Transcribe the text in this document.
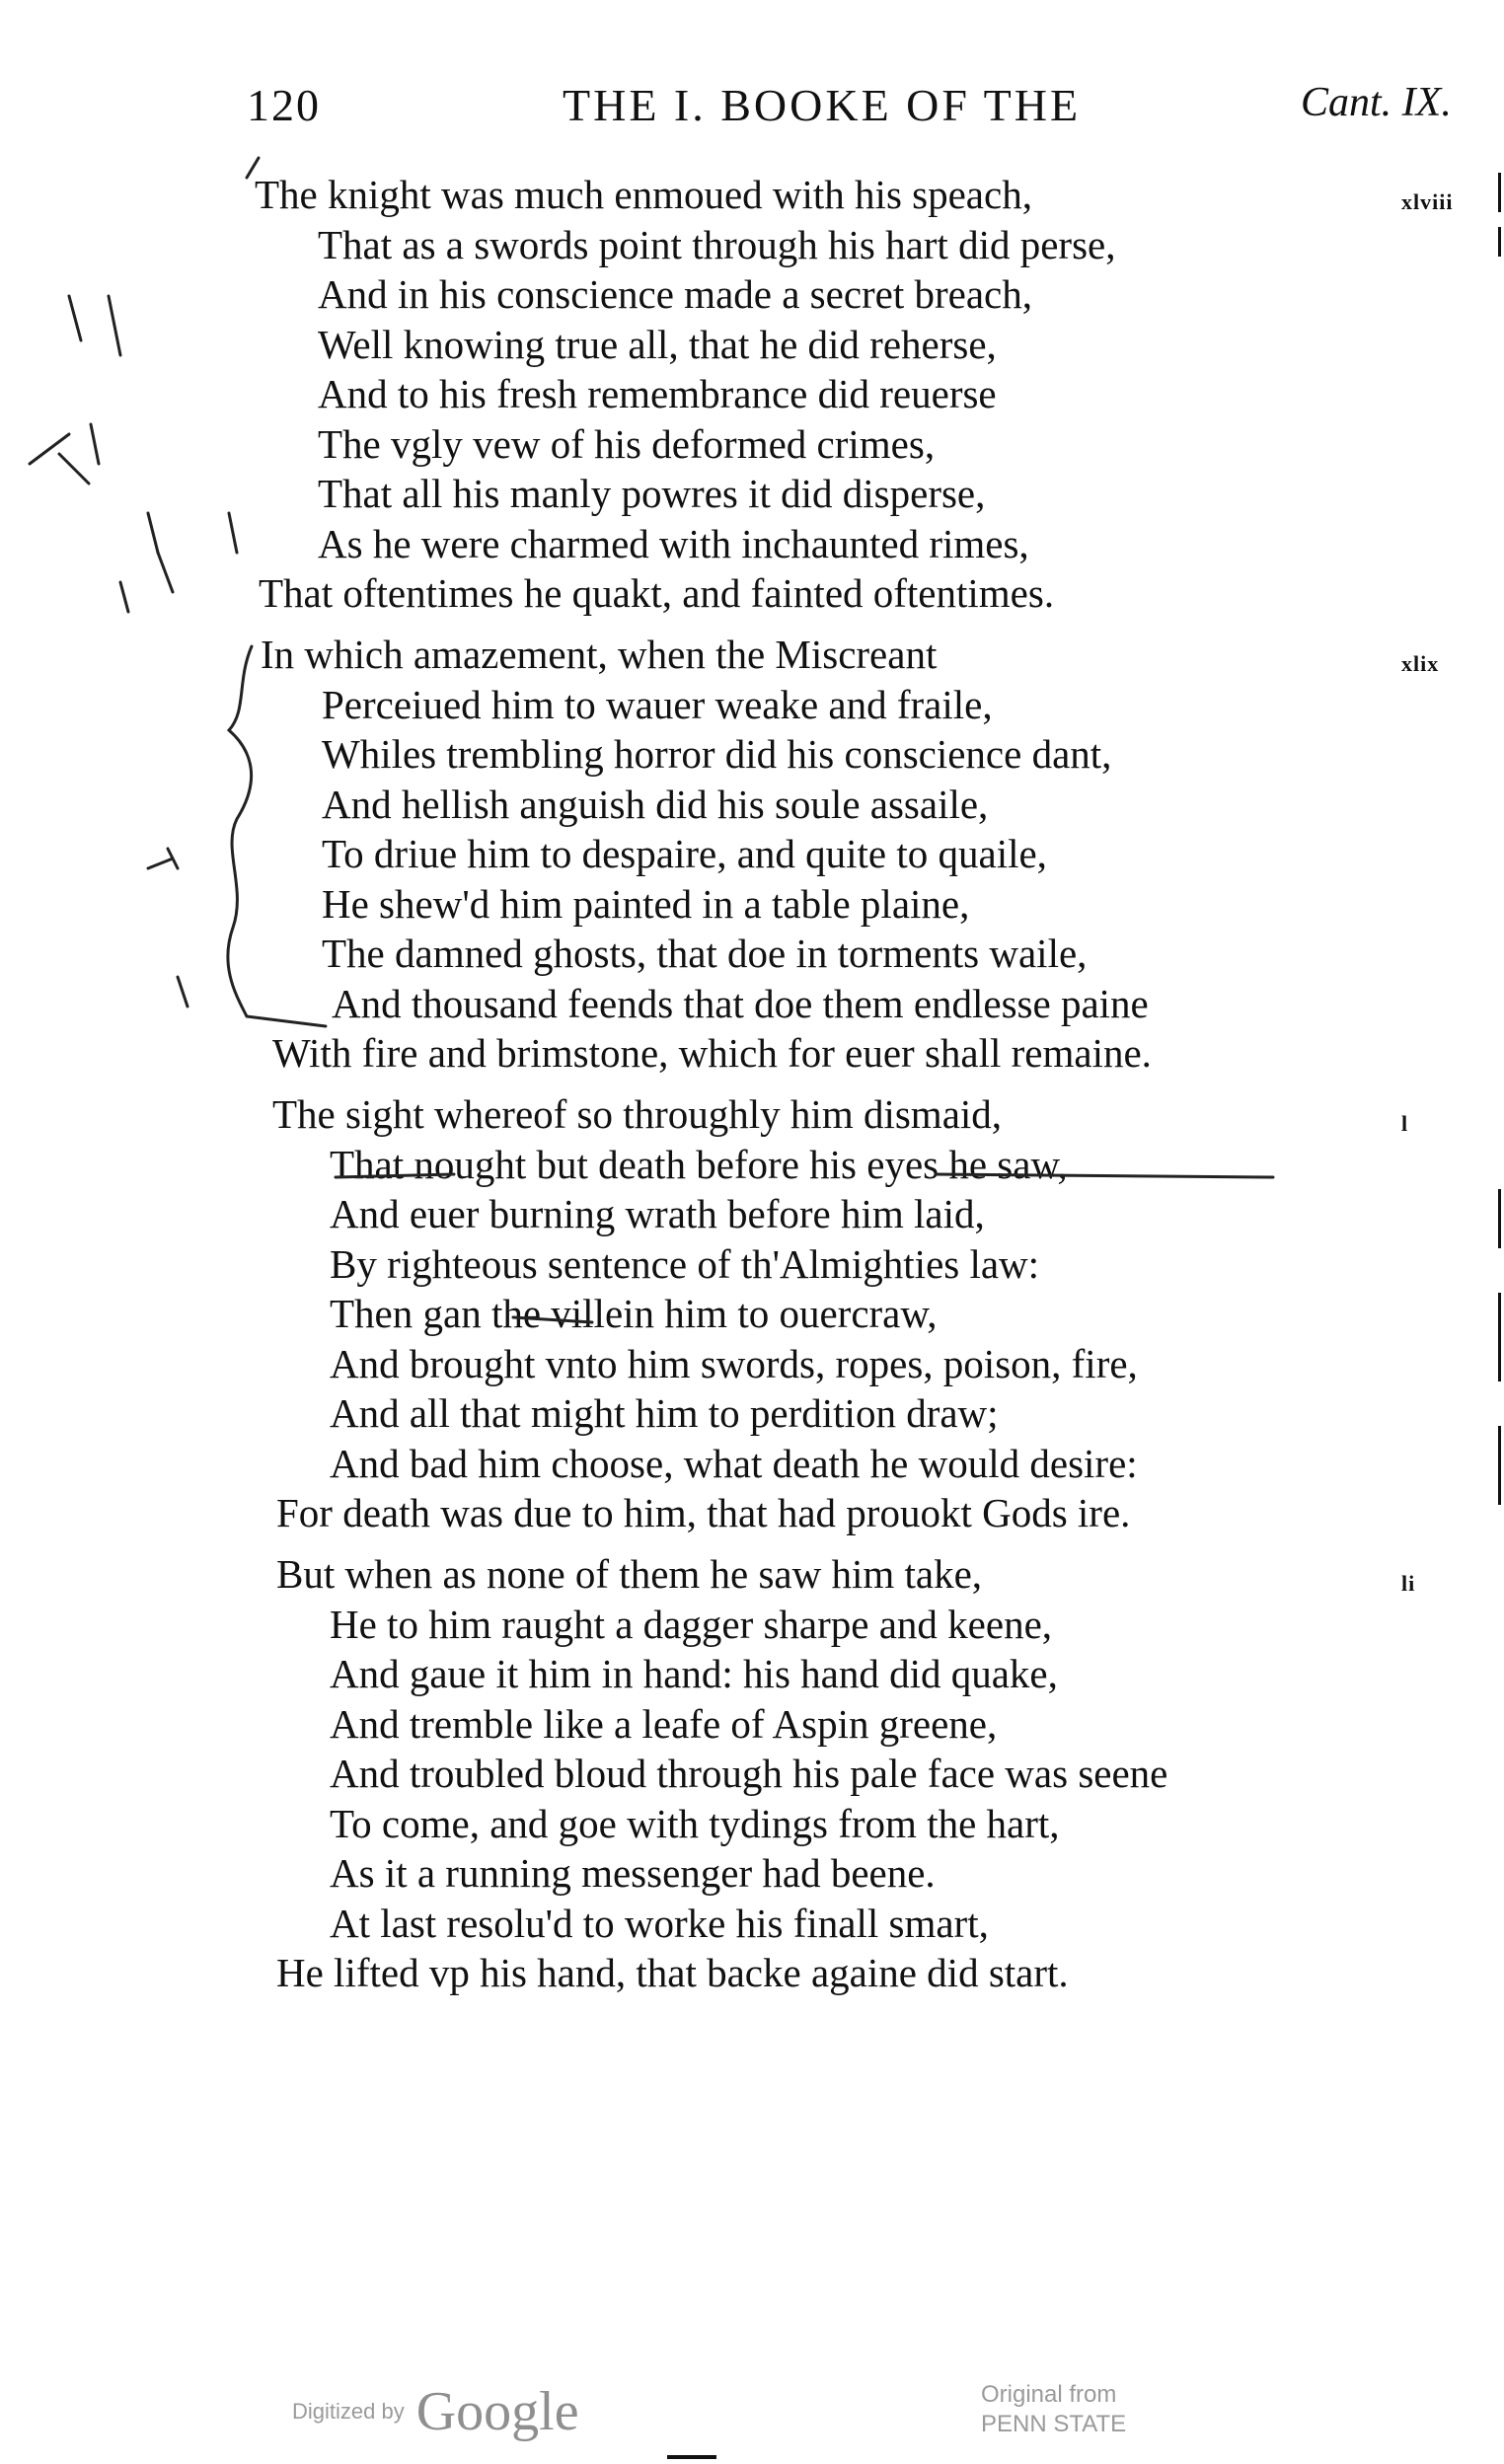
120	THE I. BOOKE OF THE	Cant. IX.
xlviii
The knight was much enmoued with his speach,
That as a swords point through his hart did perse,
And in his conscience made a secret breach,
Well knowing true all, that he did reherse,
And to his fresh remembrance did reuerse
The vgly vew of his deformed crimes,
That all his manly powres it did disperse,
As he were charmed with inchaunted rimes,
That oftentimes he quakt, and fainted oftentimes.
xlix
In which amazement, when the Miscreant
Perceiued him to wauer weake and fraile,
Whiles trembling horror did his conscience dant,
And hellish anguish did his soule assaile,
To driue him to despaire, and quite to quaile,
He shew'd him painted in a table plaine,
The damned ghosts, that doe in torments waile,
And thousand feends that doe them endlesse paine
With fire and brimstone, which for euer shall remaine.
l
The sight whereof so throughly him dismaid,
That nought but death before his eyes he saw,
And euer burning wrath before him laid,
By righteous sentence of th'Almighties law:
Then gan the villein him to ouercraw,
And brought vnto him swords, ropes, poison, fire,
And all that might him to perdition draw;
And bad him choose, what death he would desire:
For death was due to him, that had prouokt Gods ire.
li
But when as none of them he saw him take,
He to him raught a dagger sharpe and keene,
And gaue it him in hand: his hand did quake,
And tremble like a leafe of Aspin greene,
And troubled bloud through his pale face was seene
To come, and goe with tydings from the hart,
As it a running messenger had beene.
At last resolu'd to worke his finall smart,
He lifted vp his hand, that backe againe did start.
Digitized by Google	Original from
PENN STATE
